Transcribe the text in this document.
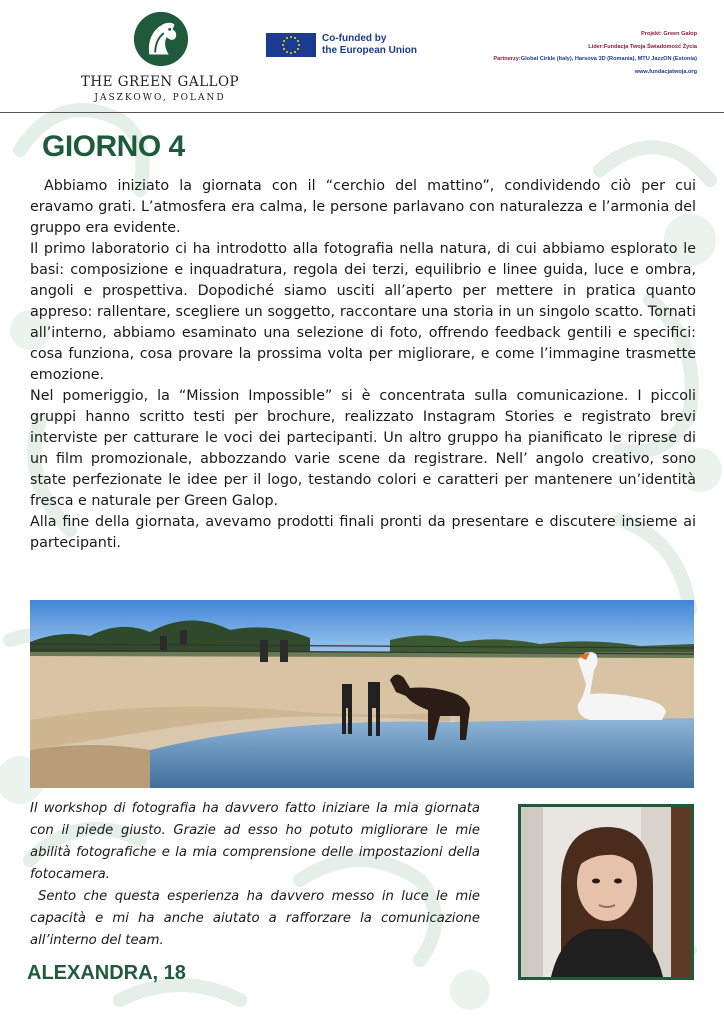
THE GREEN GALLOP
JASZKOWO, POLAND
Co-funded by
the European Union
Projekt: Green Galop
Lider:Fundacja Twoja Świadomość Życia
Partnerzy:Global Cirkle (Italy), Harsova 3D (Romania), MTU JazzON (Estonia)
www.fundacjatwoja.org
GIORNO 4

Abbiamo iniziato la giornata con il “cerchio del mattino”, condividendo ciò per cui eravamo grati. L’atmosfera era calma, le persone parlavano con naturalezza e l’armonia del gruppo era evidente.

Il primo laboratorio ci ha introdotto alla fotografia nella natura, di cui abbiamo esplorato le basi: composizione e inquadratura, regola dei terzi, equilibrio e linee guida, luce e ombra, angoli e prospettiva. Dopodiché siamo usciti all’aperto per mettere in pratica quanto appreso: rallentare, scegliere un soggetto, raccontare una storia in un singolo scatto. Tornati all’interno, abbiamo esaminato una selezione di foto, offrendo feedback gentili e specifici: cosa funziona, cosa provare la prossima volta per migliorare, e come l’immagine trasmette emozione.

Nel pomeriggio, la “Mission Impossible” si è concentrata sulla comunicazione. I piccoli gruppi hanno scritto testi per brochure, realizzato Instagram Stories e registrato brevi interviste per catturare le voci dei partecipanti. Un altro gruppo ha pianificato le riprese di un film promozionale, abbozzando varie scene da registrare. Nell’ angolo creativo, sono state perfezionate le idee per il logo, testando colori e caratteri per mantenere un’identità fresca e naturale per Green Galop.

Alla fine della giornata, avevamo prodotti finali pronti da presentare e discutere insieme ai partecipanti.

Il workshop di fotografia ha davvero fatto iniziare la mia giornata con il piede giusto. Grazie ad esso ho potuto migliorare le mie abilità fotografiche e la mia comprensione delle impostazioni della fotocamera.

Sento che questa esperienza ha davvero messo in luce le mie capacità e mi ha anche aiutato a rafforzare la comunicazione all’interno del team.

ALEXANDRA, 18
